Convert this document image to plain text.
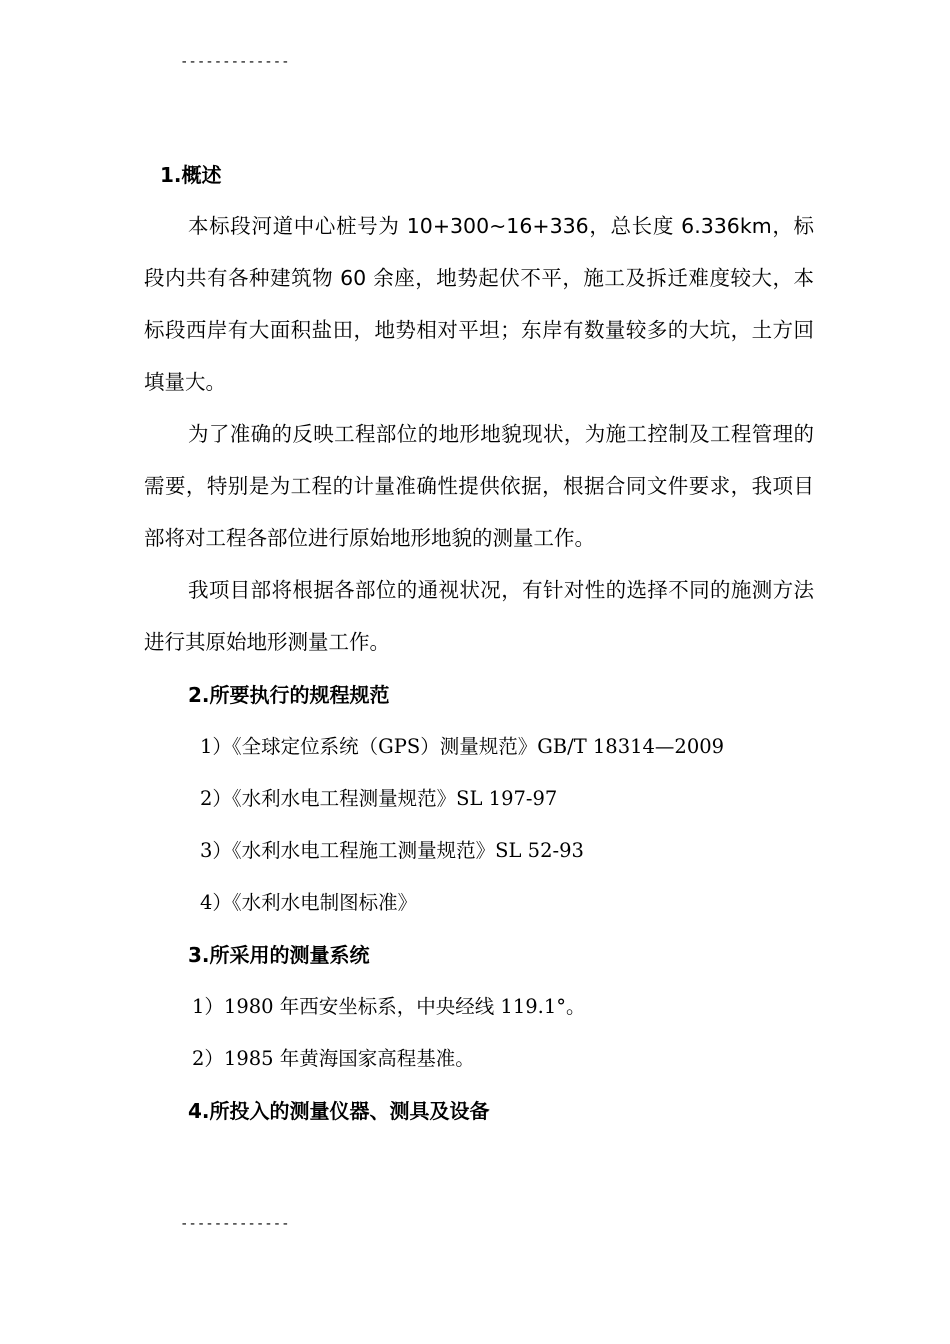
-------------
1.概述

本标段河道中心桩号为 10+300~16+336，总长度 6.336km，标段内共有各种建筑物 60 余座，地势起伏不平，施工及拆迁难度较大，本标段西岸有大面积盐田，地势相对平坦；东岸有数量较多的大坑，土方回填量大。

为了准确的反映工程部位的地形地貌现状，为施工控制及工程管理的需要，特别是为工程的计量准确性提供依据，根据合同文件要求，我项目部将对工程各部位进行原始地形地貌的测量工作。

我项目部将根据各部位的通视状况，有针对性的选择不同的施测方法进行其原始地形测量工作。

2.所要执行的规程规范
1）《全球定位系统（GPS）测量规范》GB/T 18314—2009
2）《水利水电工程测量规范》SL 197-97
3）《水利水电工程施工测量规范》SL 52-93
4）《水利水电制图标准》
3.所采用的测量系统
1）1980 年西安坐标系，中央经线 119.1°。
2）1985 年黄海国家高程基准。
4.所投入的测量仪器、测具及设备
-------------
